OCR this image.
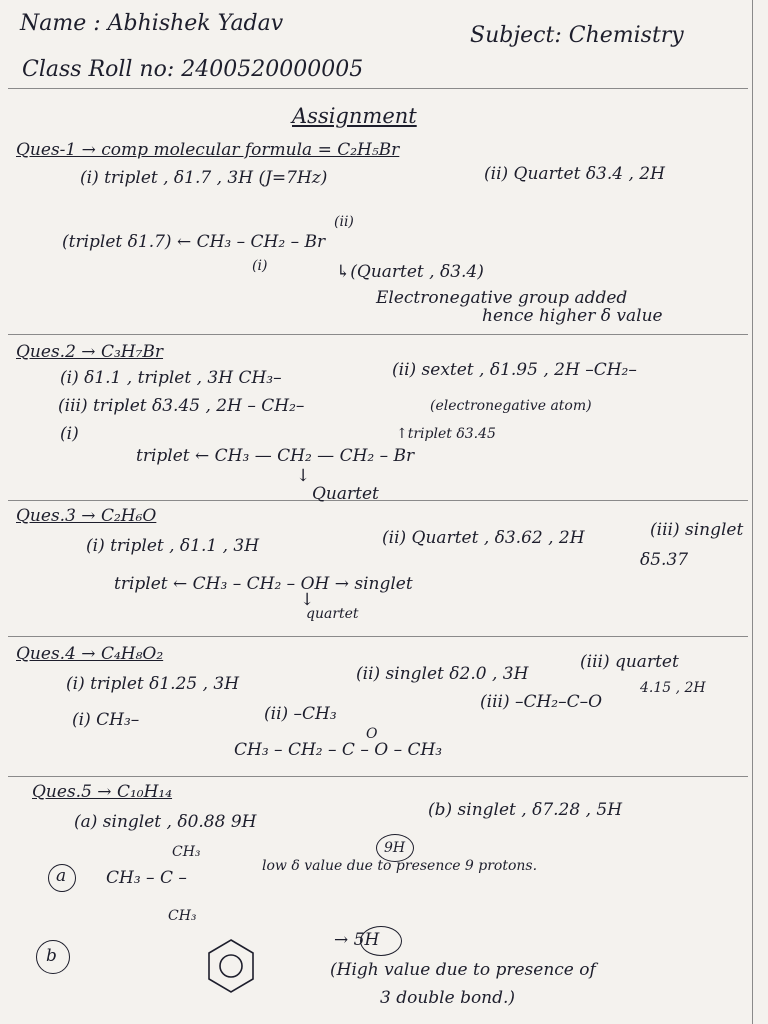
Name : Abhishek Yadav	Subject: Chemistry
Class Roll no: 2400520000005
Assignment
Ques-1 → comp molecular formula = C₂H₅Br
(i) triplet , δ1.7 , 3H (J=7Hz)	(ii) Quartet δ3.4 , 2H
(ii)
(triplet δ1.7) ← CH₃ – CH₂ – Br
(i)	↳(Quartet , δ3.4)
Electronegative group added
hence higher δ value
Ques.2 → C₃H₇Br
(i) δ1.1 , triplet , 3H CH₃–	(ii) sextet , δ1.95 , 2H –CH₂–
(iii) triplet δ3.45 , 2H – CH₂–	(electronegative atom)
(i)	↑triplet δ3.45
triplet ← CH₃ — CH₂ — CH₂ – Br
↓
Quartet
Ques.3 → C₂H₆O
(i) triplet , δ1.1 , 3H	(ii) Quartet , δ3.62 , 2H	(iii) singlet
δ5.37
triplet ← CH₃ – CH₂ – OH → singlet
↓
quartet
Ques.4 → C₄H₈O₂
(i) triplet δ1.25 , 3H	(ii) singlet δ2.0 , 3H
(iii) quartet
(i) CH₃–	(ii) –CH₃
(iii) –CH₂–C–O
4.15 , 2H
O
CH₃ – CH₂ – C – O – CH₃
Ques.5 → C₁₀H₁₄
(a) singlet , δ0.88 9H
(b) singlet , δ7.28 , 5H
a
CH₃
CH₃ – C –
CH₃
9H
low δ value due to presence 9 protons.
b
→ 5H
(High value due to presence of
3 double bond.)
